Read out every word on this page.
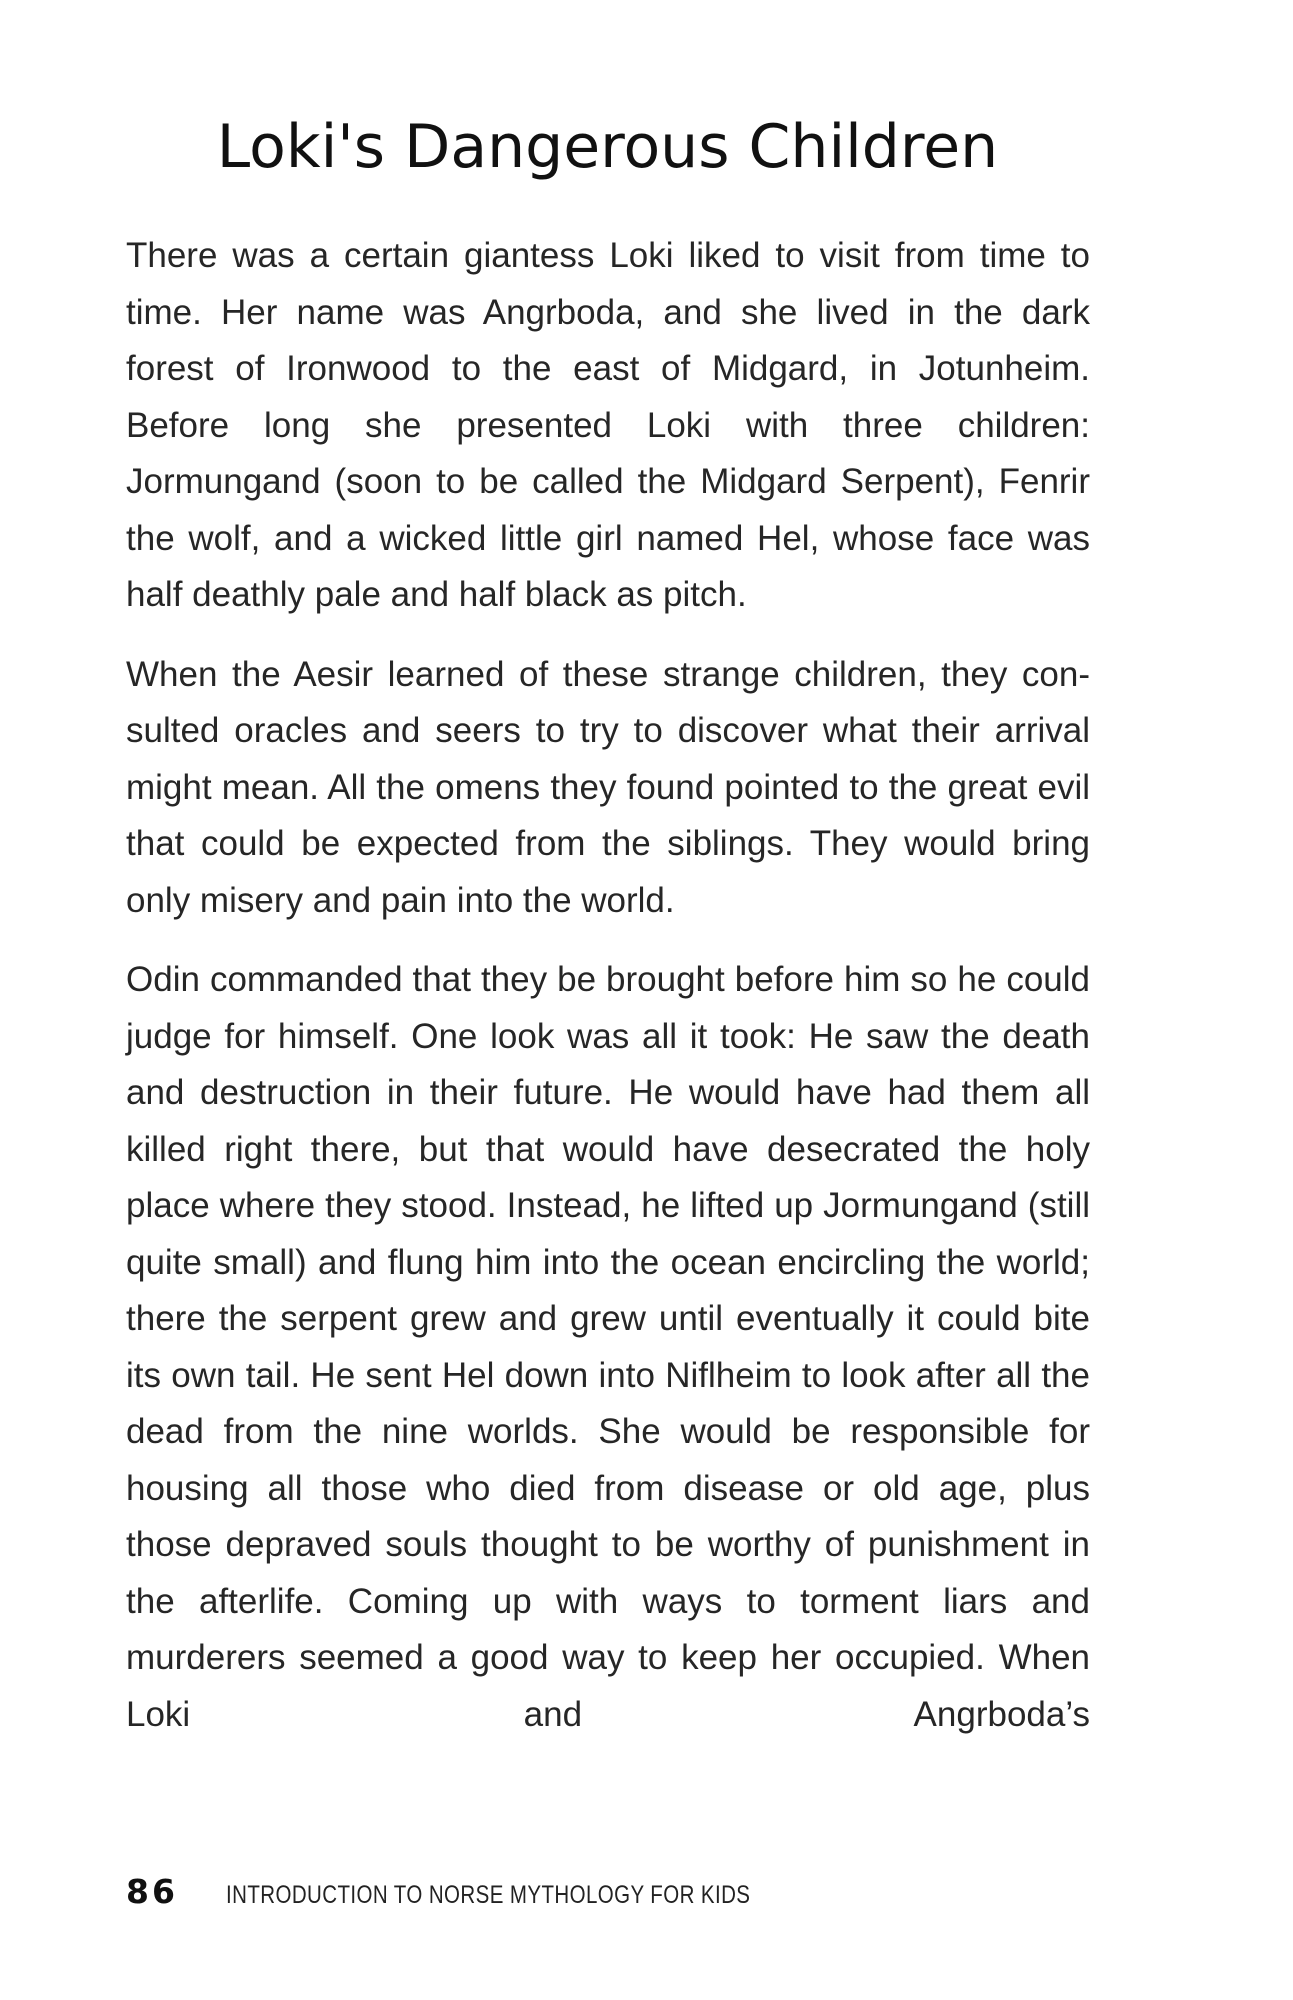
Loki's Dangerous Children

There was a certain giantess Loki liked to visit from time to time. Her name was Angrboda, and she lived in the dark forest of Ironwood to the east of Midgard, in Jotunheim. Before long she presented Loki with three children: Jormungand (soon to be called the Midgard Serpent), Fenrir the wolf, and a wicked little girl named Hel, whose face was half deathly pale and half black as pitch.

When the Aesir learned of these strange children, they con-sulted oracles and seers to try to discover what their arrival might mean. All the omens they found pointed to the great evil that could be expected from the siblings. They would bring only misery and pain into the world.

Odin commanded that they be brought before him so he could judge for himself. One look was all it took: He saw the death and destruction in their future. He would have had them all killed right there, but that would have desecrated the holy place where they stood. Instead, he lifted up Jormungand (still quite small) and flung him into the ocean encircling the world; there the serpent grew and grew until eventually it could bite its own tail. He sent Hel down into Niflheim to look after all the dead from the nine worlds. She would be responsible for housing all those who died from disease or old age, plus those depraved souls thought to be worthy of punishment in the afterlife. Coming up with ways to torment liars and murderers seemed a good way to keep her occupied. When Loki and Angrboda’s

86 INTRODUCTION TO NORSE MYTHOLOGY FOR KIDS
